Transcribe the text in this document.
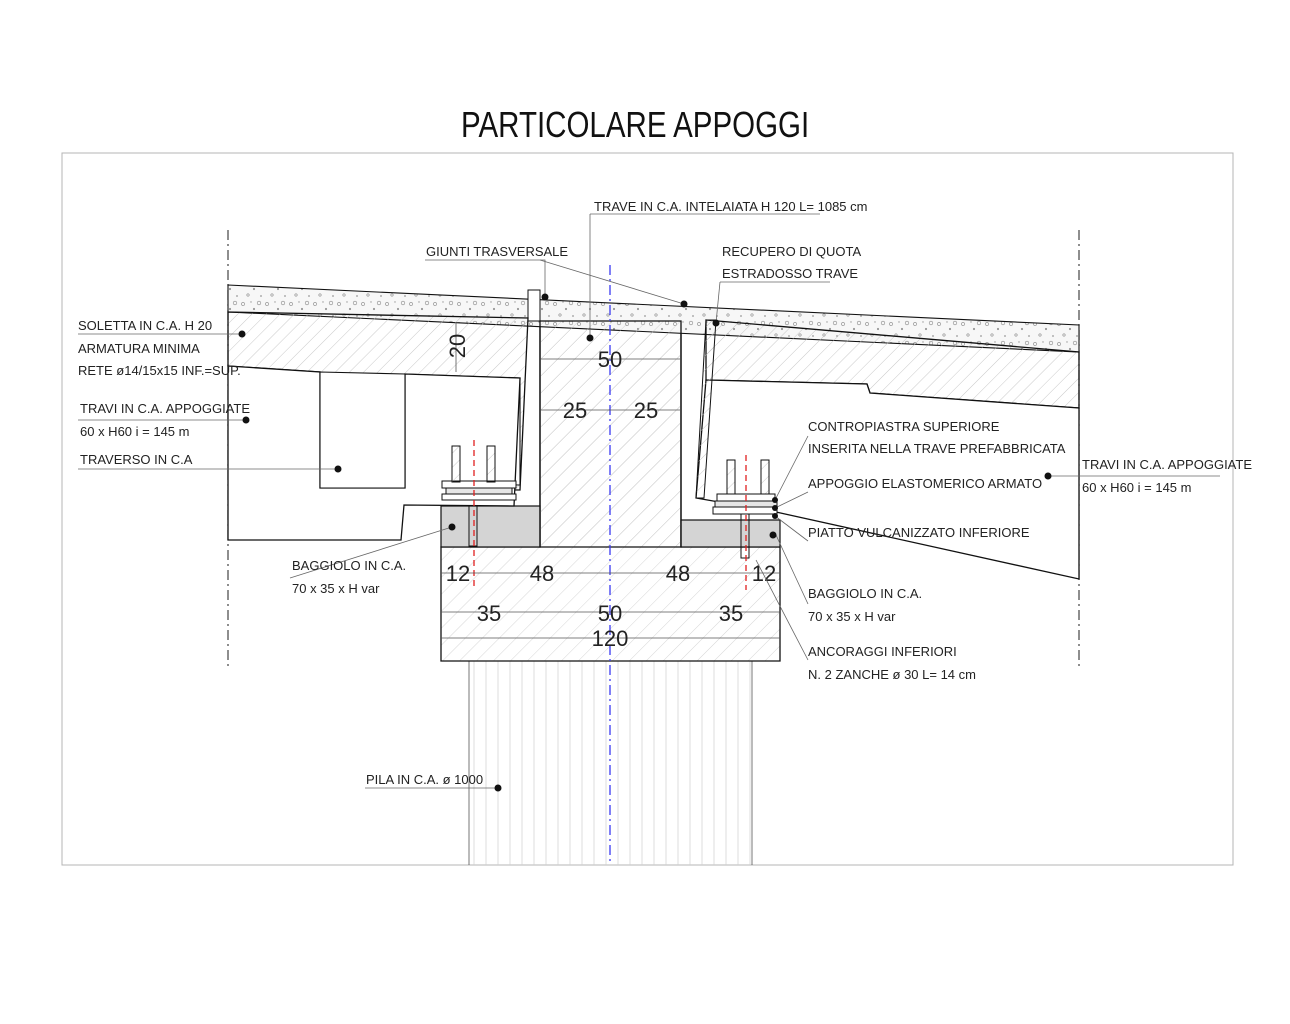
PARTICOLARE APPOGGI
20
50
25 25
12	48	48	12
35	50	35
120
TRAVE IN C.A. INTELAIATA H 120 L= 1085 cm
GIUNTI TRASVERSALE	RECUPERO DI QUOTA
ESTRADOSSO TRAVE
SOLETTA IN C.A. H 20
ARMATURA MINIMA
RETE ø14/15x15 INF.=SUP.
TRAVI IN C.A. APPOGGIATE
60 x H60 i = 145 m
TRAVERSO IN C.A
CONTROPIASTRA SUPERIORE
INSERITA NELLA TRAVE PREFABBRICATA
APPOGGIO ELASTOMERICO ARMATO
PIATTO VULCANIZZATO INFERIORE
TRAVI IN C.A. APPOGGIATE
60 x H60 i = 145 m
BAGGIOLO IN C.A.
70 x 35 x H var	BAGGIOLO IN C.A.
70 x 35 x H var
ANCORAGGI INFERIORI
N. 2 ZANCHE ø 30 L= 14 cm
PILA IN C.A. ø 1000
